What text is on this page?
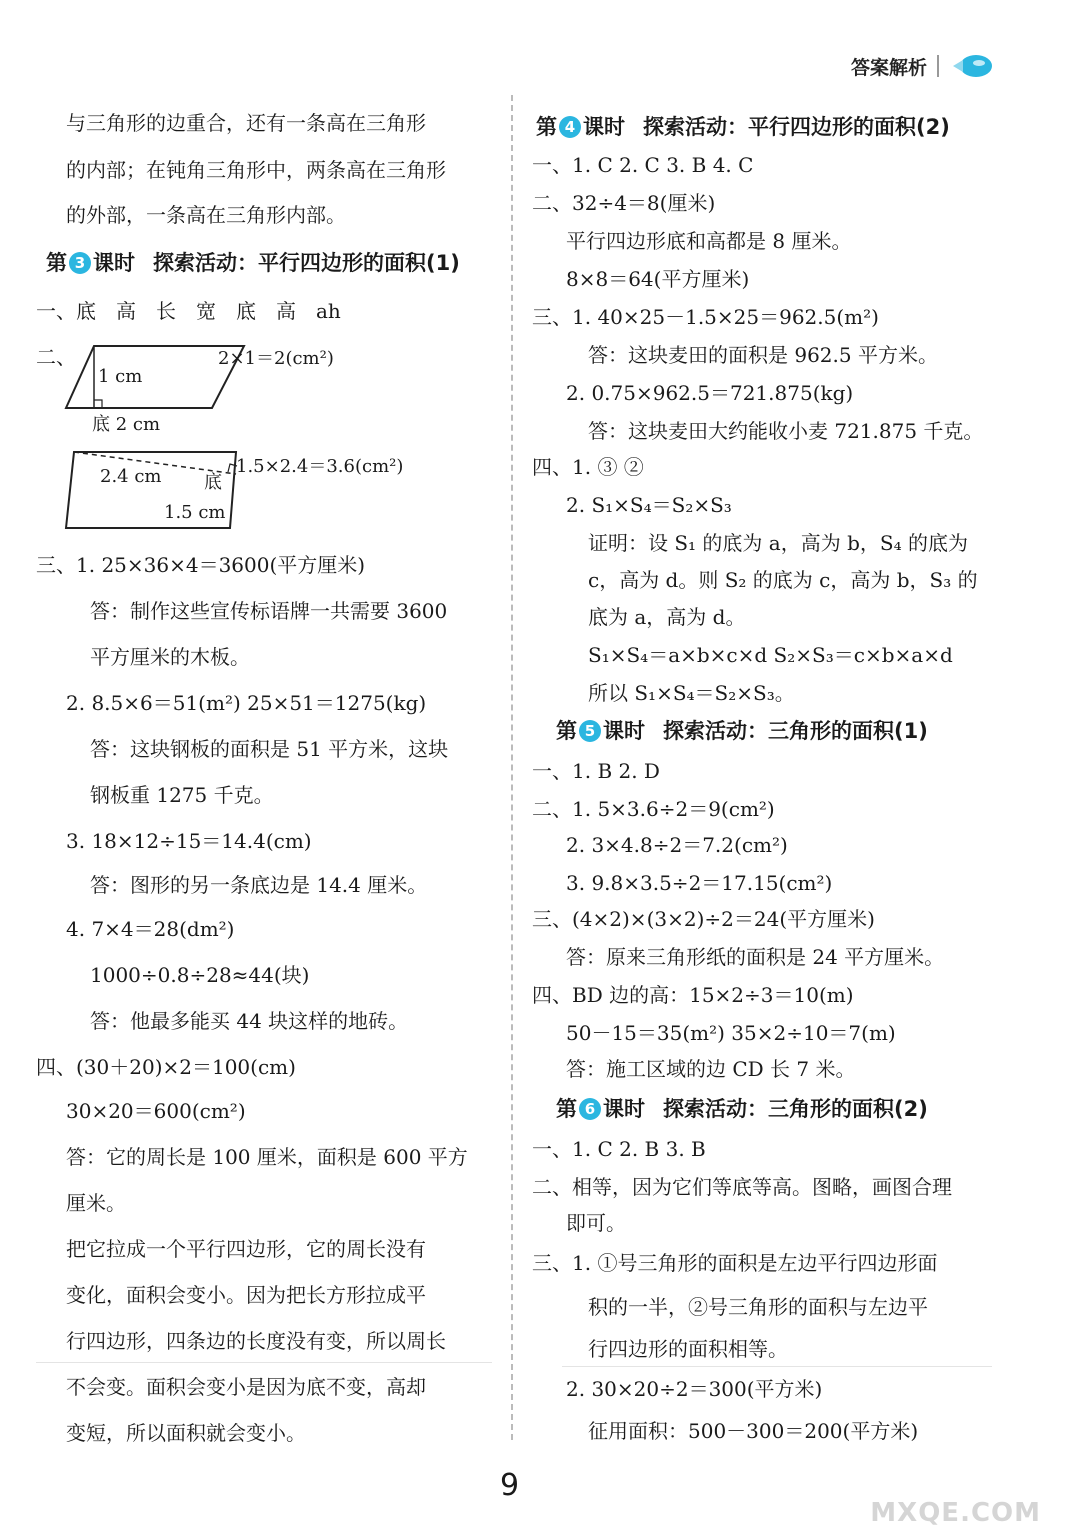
答案解析
与三角形的边重合，还有一条高在三角形
的内部；在钝角三角形中，两条高在三角形
的外部，一条高在三角形内部。
第 3 课时 探索活动：平行四边形的面积(1)
一、底　高　长　宽　底　高　ah
二、
1 cm
底 2 cm
2×1＝2(cm²)
2.4 cm 底
1.5 cm
1.5×2.4＝3.6(cm²)
三、1. 25×36×4＝3600(平方厘米)
答：制作这些宣传标语牌一共需要 3600
平方厘米的木板。
2. 8.5×6＝51(m²) 25×51＝1275(kg)
答：这块钢板的面积是 51 平方米，这块
钢板重 1275 千克。
3. 18×12÷15＝14.4(cm)
答：图形的另一条底边是 14.4 厘米。
4. 7×4＝28(dm²)
1000÷0.8÷28≈44(块)
答：他最多能买 44 块这样的地砖。
四、(30＋20)×2＝100(cm)
30×20＝600(cm²)
答：它的周长是 100 厘米，面积是 600 平方
厘米。
把它拉成一个平行四边形，它的周长没有
变化，面积会变小。因为把长方形拉成平
行四边形，四条边的长度没有变，所以周长
不会变。面积会变小是因为底不变，高却
变短，所以面积就会变小。
第 4 课时 探索活动：平行四边形的面积(2)
一、1. C 2. C 3. B 4. C
二、32÷4＝8(厘米)
平行四边形底和高都是 8 厘米。
8×8＝64(平方厘米)
三、1. 40×25－1.5×25＝962.5(m²)
答：这块麦田的面积是 962.5 平方米。
2. 0.75×962.5＝721.875(kg)
答：这块麦田大约能收小麦 721.875 千克。
四、1. ③ ②
2. S₁×S₄＝S₂×S₃
证明：设 S₁ 的底为 a，高为 b，S₄ 的底为
c，高为 d。则 S₂ 的底为 c，高为 b，S₃ 的
底为 a，高为 d。
S₁×S₄＝a×b×c×d S₂×S₃＝c×b×a×d
所以 S₁×S₄＝S₂×S₃。
第 5 课时 探索活动：三角形的面积(1)
一、1. B 2. D
二、1. 5×3.6÷2＝9(cm²)
2. 3×4.8÷2＝7.2(cm²)
3. 9.8×3.5÷2＝17.15(cm²)
三、(4×2)×(3×2)÷2＝24(平方厘米)
答：原来三角形纸的面积是 24 平方厘米。
四、BD 边的高：15×2÷3＝10(m)
50－15＝35(m²) 35×2÷10＝7(m)
答：施工区域的边 CD 长 7 米。
第 6 课时 探索活动：三角形的面积(2)
一、1. C 2. B 3. B
二、相等，因为它们等底等高。图略，画图合理
即可。
三、1. ①号三角形的面积是左边平行四边形面
积的一半，②号三角形的面积与左边平
行四边形的面积相等。
2. 30×20÷2＝300(平方米)
征用面积：500－300＝200(平方米)
9
MXQE.COM
